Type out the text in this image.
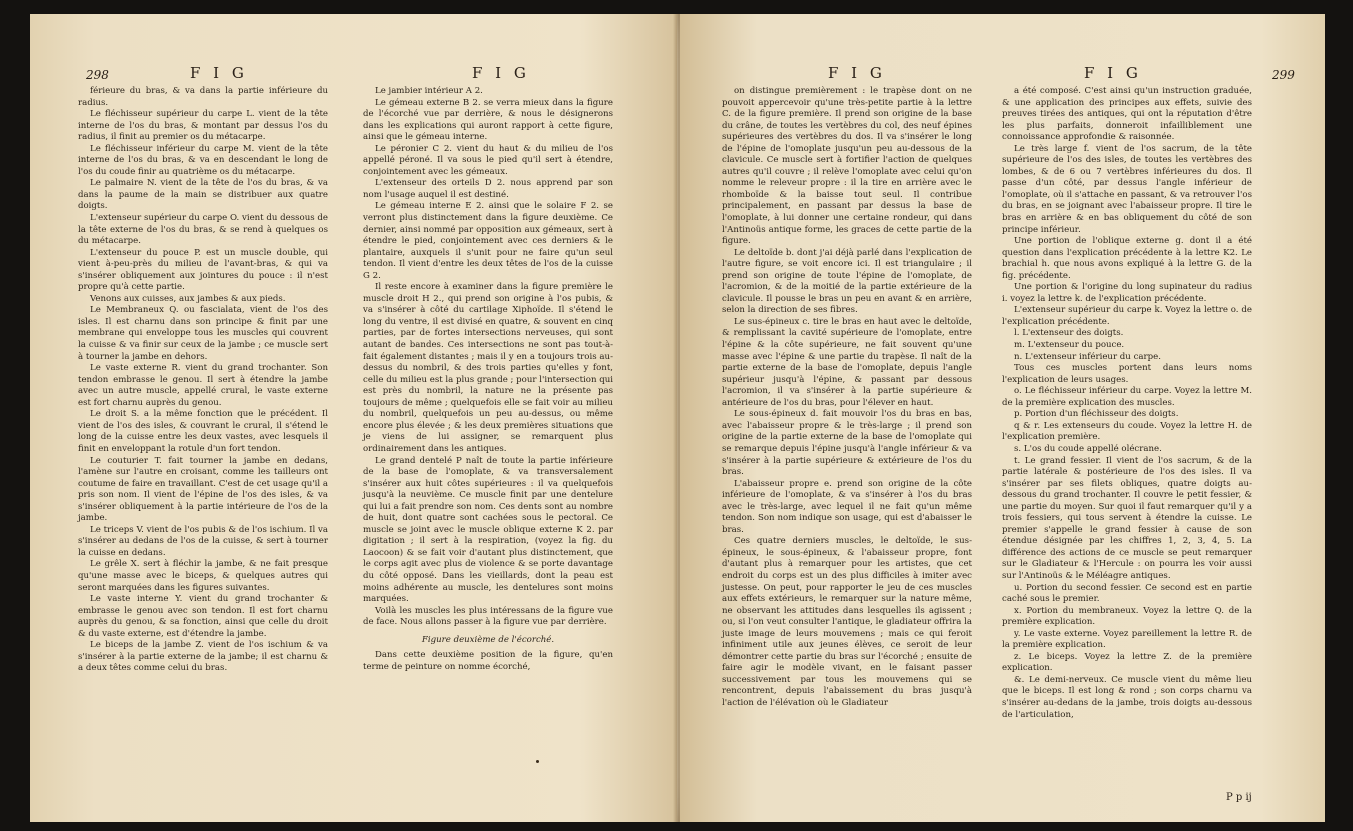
298	F I G	F I G

férieure du bras, & va dans la partie inférieure du radius.

Le fléchisseur supérieur du carpe L. vient de la tête interne de l'os du bras, & montant par dessus l'os du radius, il finit au premier os du métacarpe.

Le fléchisseur inférieur du carpe M. vient de la tête interne de l'os du bras, & va en descendant le long de l'os du coude finir au quatrième os du métacarpe.

Le palmaire N. vient de la tête de l'os du bras, & va dans la paume de la main se distribuer aux quatre doigts.

L'extenseur supérieur du carpe O. vient du dessous de la tête externe de l'os du bras, & se rend à quelques os du métacarpe.

L'extenseur du pouce P. est un muscle double, qui vient à-peu-près du milieu de l'avant-bras, & qui va s'insérer obliquement aux jointures du pouce : il n'est propre qu'à cette partie.

Venons aux cuisses, aux jambes & aux pieds.

Le Membraneux Q. ou fascialata, vient de l'os des isles. Il est charnu dans son principe & finit par une membrane qui enveloppe tous les muscles qui couvrent la cuisse & va finir sur ceux de la jambe ; ce muscle sert à tourner la jambe en dehors.

Le vaste externe R. vient du grand trochanter. Son tendon embrasse le genou. Il sert à étendre la jambe avec un autre muscle, appellé crural, le vaste externe est fort charnu auprès du genou.

Le droit S. a la même fonction que le précédent. Il vient de l'os des isles, & couvrant le crural, il s'étend le long de la cuisse entre les deux vastes, avec lesquels il finit en enveloppant la rotule d'un fort tendon.

Le couturier T. fait tourner la jambe en dedans, l'amène sur l'autre en croisant, comme les tailleurs ont coutume de faire en travaillant. C'est de cet usage qu'il a pris son nom. Il vient de l'épine de l'os des isles, & va s'insérer obliquement à la partie intérieure de l'os de la jambe.

Le triceps V. vient de l'os pubis & de l'os ischium. Il va s'insérer au dedans de l'os de la cuisse, & sert à tourner la cuisse en dedans.

Le grêle X. sert à fléchir la jambe, & ne fait presque qu'une masse avec le biceps, & quelques autres qui seront marquées dans les figures suivantes.

Le vaste interne Y. vient du grand trochanter & embrasse le genou avec son tendon. Il est fort charnu auprès du genou, & sa fonction, ainsi que celle du droit & du vaste externe, est d'étendre la jambe.

Le biceps de la jambe Z. vient de l'os ischium & va s'insérer à la partie externe de la jambe; il est charnu & a deux têtes comme celui du bras.

Le jambier intérieur A 2.

Le gémeau externe B 2. se verra mieux dans la figure de l'écorché vue par derrière, & nous le désignerons dans les explications qui auront rapport à cette figure, ainsi que le gémeau interne.

Le péronier C 2. vient du haut & du milieu de l'os appellé péroné. Il va sous le pied qu'il sert à étendre, conjointement avec les gémeaux.

L'extenseur des orteils D 2. nous apprend par son nom l'usage auquel il est destiné.

Le gémeau interne E 2. ainsi que le solaire F 2. se verront plus distinctement dans la figure deuxième. Ce dernier, ainsi nommé par opposition aux gémeaux, sert à étendre le pied, conjointement avec ces derniers & le plantaire, auxquels il s'unit pour ne faire qu'un seul tendon. Il vient d'entre les deux têtes de l'os de la cuisse G 2.

Il reste encore à examiner dans la figure première le muscle droit H 2., qui prend son origine à l'os pubis, & va s'insérer à côté du cartilage Xiphoïde. Il s'étend le long du ventre, il est divisé en quatre, & souvent en cinq parties, par de fortes intersections nerveuses, qui sont autant de bandes. Ces intersections ne sont pas tout-à-fait également distantes ; mais il y en a toujours trois au-dessus du nombril, & des trois parties qu'elles y font, celle du milieu est la plus grande ; pour l'intersection qui est près du nombril, la nature ne la présente pas toujours de même ; quelquefois elle se fait voir au milieu du nombril, quelquefois un peu au-dessus, ou même encore plus élevée ; & les deux premières situations que je viens de lui assigner, se remarquent plus ordinairement dans les antiques.

Le grand dentelé P naît de toute la partie inférieure de la base de l'omoplate, & va transversalement s'insérer aux huit côtes supérieures : il va quelquefois jusqu'à la neuvième. Ce muscle finit par une dentelure qui lui a fait prendre son nom. Ces dents sont au nombre de huit, dont quatre sont cachées sous le pectoral. Ce muscle se joint avec le muscle oblique externe K 2. par digitation ; il sert à la respiration, (voyez la fig. du Laocoon) & se fait voir d'autant plus distinctement, que le corps agit avec plus de violence & se porte davantage du côté opposé. Dans les vieillards, dont la peau est moins adhérente au muscle, les dentelures sont moins marquées.

Voilà les muscles les plus intéressans de la figure vue de face. Nous allons passer à la figure vue par derrière.

Figure deuxième de l'écorché.

Dans cette deuxième position de la figure, qu'en terme de peinture on nomme écorché,

F I G	F I G	299

on distingue premièrement : le trapèse dont on ne pouvoit appercevoir qu'une très-petite partie à la lettre C. de la figure première. Il prend son origine de la base du crâne, de toutes les vertèbres du col, des neuf épines supérieures des vertèbres du dos. Il va s'insérer le long de l'épine de l'omoplate jusqu'un peu au-dessous de la clavicule. Ce muscle sert à fortifier l'action de quelques autres qu'il couvre ; il relève l'omoplate avec celui qu'on nomme le releveur propre : il la tire en arrière avec le rhomboïde & la baisse tout seul. Il contribue principalement, en passant par dessus la base de l'omoplate, à lui donner une certaine rondeur, qui dans l'Antinoüs antique forme, les graces de cette partie de la figure.

Le deltoïde b. dont j'ai déjà parlé dans l'explication de l'autre figure, se voit encore ici. Il est triangulaire ; il prend son origine de toute l'épine de l'omoplate, de l'acromion, & de la moitié de la partie extérieure de la clavicule. Il pousse le bras un peu en avant & en arrière, selon la direction de ses fibres.

Le sus-épineux c. tire le bras en haut avec le deltoïde, & remplissant la cavité supérieure de l'omoplate, entre l'épine & la côte supérieure, ne fait souvent qu'une masse avec l'épine & une partie du trapèse. Il naît de la partie externe de la base de l'omoplate, depuis l'angle supérieur jusqu'à l'épine, & passant par dessous l'acromion, il va s'insérer à la partie supérieure & antérieure de l'os du bras, pour l'élever en haut.

Le sous-épineux d. fait mouvoir l'os du bras en bas, avec l'abaisseur propre & le très-large ; il prend son origine de la partie externe de la base de l'omoplate qui se remarque depuis l'épine jusqu'à l'angle inférieur & va s'insérer à la partie supérieure & extérieure de l'os du bras.

L'abaisseur propre e. prend son origine de la côte inférieure de l'omoplate, & va s'insérer à l'os du bras avec le très-large, avec lequel il ne fait qu'un même tendon. Son nom indique son usage, qui est d'abaisser le bras.

Ces quatre derniers muscles, le deltoïde, le sus-épineux, le sous-épineux, & l'abaisseur propre, font d'autant plus à remarquer pour les artistes, que cet endroit du corps est un des plus difficiles à imiter avec justesse. On peut, pour rapporter le jeu de ces muscles aux effets extérieurs, le remarquer sur la nature même, ne observant les attitudes dans lesquelles ils agissent ; ou, si l'on veut consulter l'antique, le gladiateur offrira la juste image de leurs mouvemens ; mais ce qui feroit infiniment utile aux jeunes élèves, ce seroit de leur démontrer cette partie du bras sur l'écorché ; ensuite de faire agir le modèle vivant, en le faisant passer successivement par tous les mouvemens qui se rencontrent, depuis l'abaissement du bras jusqu'à l'action de l'élévation où le Gladiateur

a été composé. C'est ainsi qu'un instruction graduée, & une application des principes aux effets, suivie des preuves tirées des antiques, qui ont la réputation d'être les plus parfaits, donneroit infailliblement une connoissance approfondie & raisonnée.

Le très large f. vient de l'os sacrum, de la tête supérieure de l'os des isles, de toutes les vertèbres des lombes, & de 6 ou 7 vertèbres inférieures du dos. Il passe d'un côté, par dessus l'angle inférieur de l'omoplate, où il s'attache en passant, & va retrouver l'os du bras, en se joignant avec l'abaisseur propre. Il tire le bras en arrière & en bas obliquement du côté de son principe inférieur.

Une portion de l'oblique externe g. dont il a été question dans l'explication précédente à la lettre K2. Le brachial h. que nous avons expliqué à la lettre G. de la fig. précédente.

Une portion & l'origine du long supinateur du radius i. voyez la lettre k. de l'explication précédente.

L'extenseur supérieur du carpe k. Voyez la lettre o. de l'explication précédente.

l. L'extenseur des doigts.

m. L'extenseur du pouce.

n. L'extenseur inférieur du carpe.

Tous ces muscles portent dans leurs noms l'explication de leurs usages.

o. Le fléchisseur inférieur du carpe. Voyez la lettre M. de la première explication des muscles.

p. Portion d'un fléchisseur des doigts.

q & r. Les extenseurs du coude. Voyez la lettre H. de l'explication première.

s. L'os du coude appellé olécrane.

t. Le grand fessier. Il vient de l'os sacrum, & de la partie latérale & postérieure de l'os des isles. Il va s'insérer par ses filets obliques, quatre doigts au-dessous du grand trochanter. Il couvre le petit fessier, & une partie du moyen. Sur quoi il faut remarquer qu'il y a trois fessiers, qui tous servent à étendre la cuisse. Le premier s'appelle le grand fessier à cause de son étendue désignée par les chiffres 1, 2, 3, 4, 5. La différence des actions de ce muscle se peut remarquer sur le Gladiateur & l'Hercule : on pourra les voir aussi sur l'Antinoüs & le Méléagre antiques.

u. Portion du second fessier. Ce second est en partie caché sous le premier.

x. Portion du membraneux. Voyez la lettre Q. de la première explication.

y. Le vaste externe. Voyez pareillement la lettre R. de la première explication.

z. Le biceps. Voyez la lettre Z. de la première explication.

&. Le demi-nerveux. Ce muscle vient du même lieu que le biceps. Il est long & rond ; son corps charnu va s'insérer au-dedans de la jambe, trois doigts au-dessous de l'articulation,

P p ij
